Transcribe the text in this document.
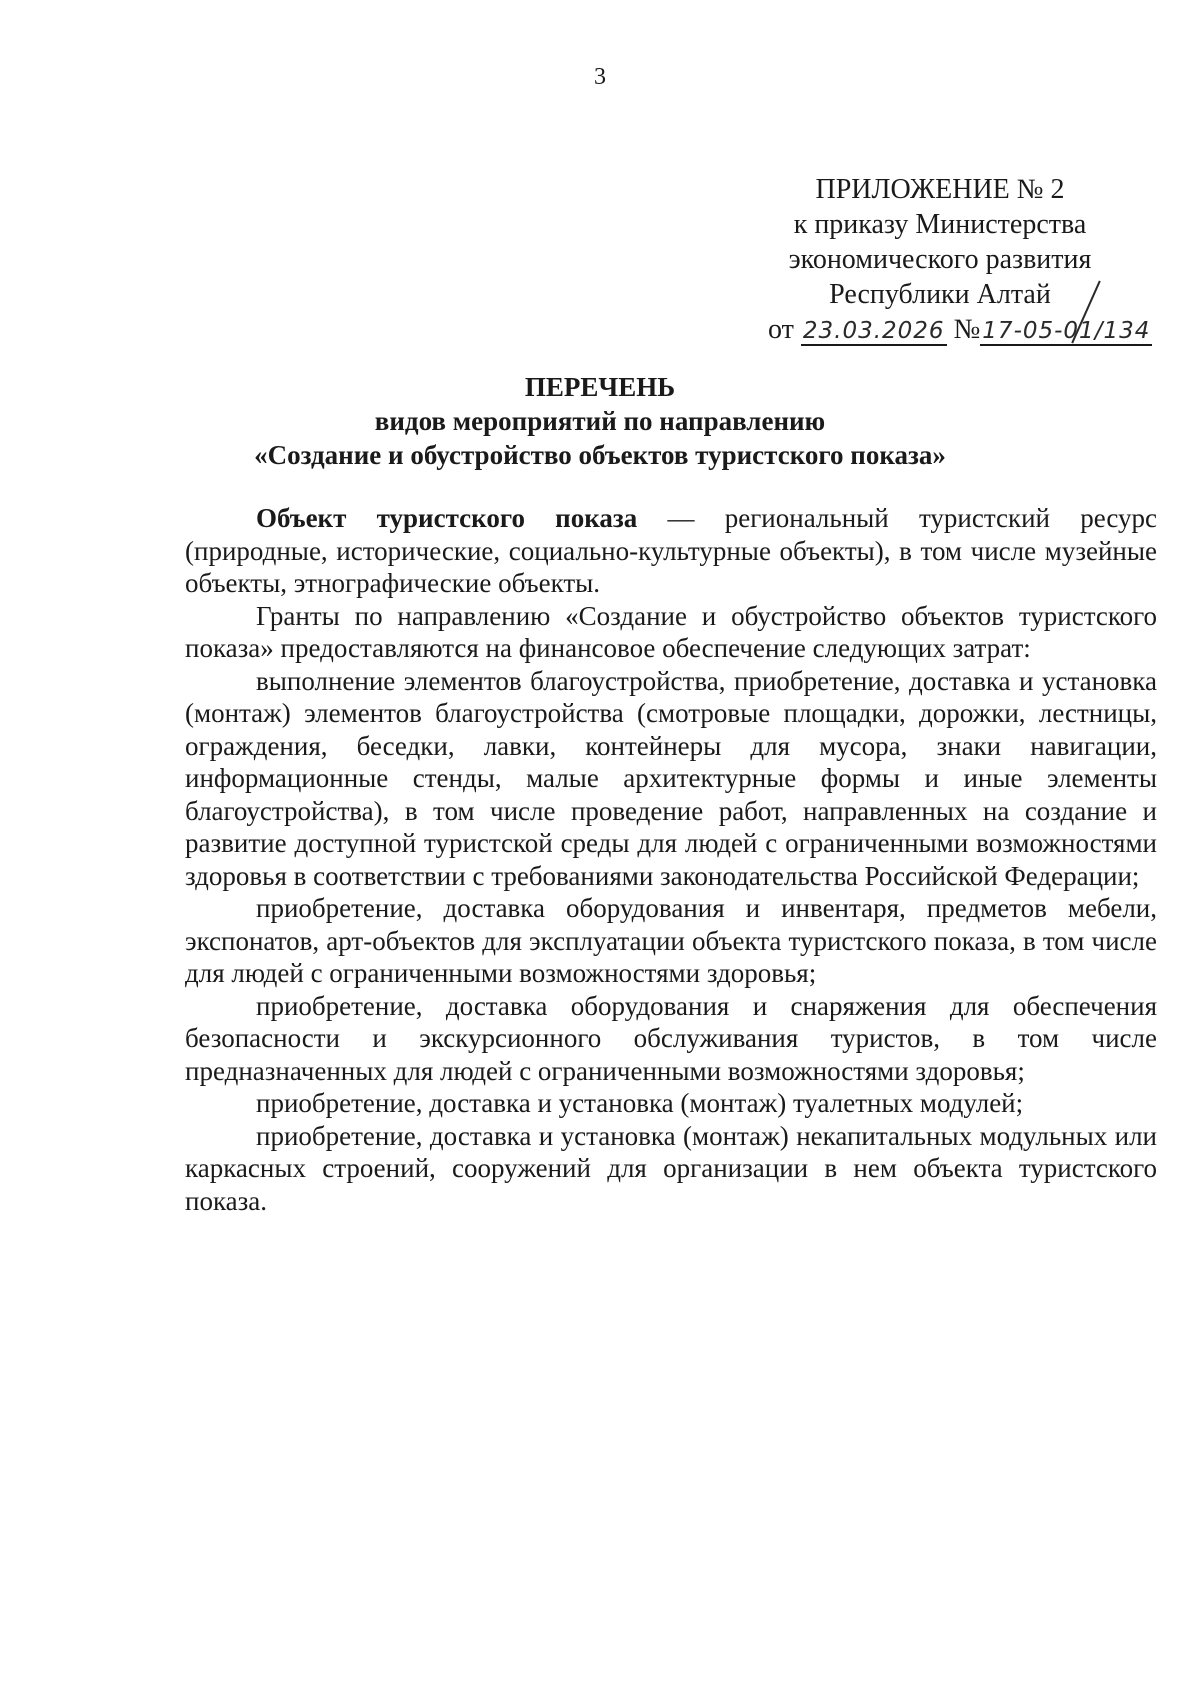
3
ПРИЛОЖЕНИЕ № 2
к приказу Министерства
экономического развития
Республики Алтай
от 23.03.2026 №17-05-01/134
ПЕРЕЧЕНЬ
видов мероприятий по направлению
«Создание и обустройство объектов туристского показа»

Объект туристского показа — региональный туристский ресурс (природные, исторические, социально-культурные объекты), в том числе музейные объекты, этнографические объекты.

Гранты по направлению «Создание и обустройство объектов туристского показа» предоставляются на финансовое обеспечение следующих затрат:

выполнение элементов благоустройства, приобретение, доставка и установка (монтаж) элементов благоустройства (смотровые площадки, дорожки, лестницы, ограждения, беседки, лавки, контейнеры для мусора, знаки навигации, информационные стенды, малые архитектурные формы и иные элементы благоустройства), в том числе проведение работ, направленных на создание и развитие доступной туристской среды для людей с ограниченными возможностями здоровья в соответствии с требованиями законодательства Российской Федерации;

приобретение, доставка оборудования и инвентаря, предметов мебели, экспонатов, арт-объектов для эксплуатации объекта туристского показа, в том числе для людей с ограниченными возможностями здоровья;

приобретение, доставка оборудования и снаряжения для обеспечения безопасности и экскурсионного обслуживания туристов, в том числе предназначенных для людей с ограниченными возможностями здоровья;

приобретение, доставка и установка (монтаж) туалетных модулей;

приобретение, доставка и установка (монтаж) некапитальных модульных или каркасных строений, сооружений для организации в нем объекта туристского показа.
